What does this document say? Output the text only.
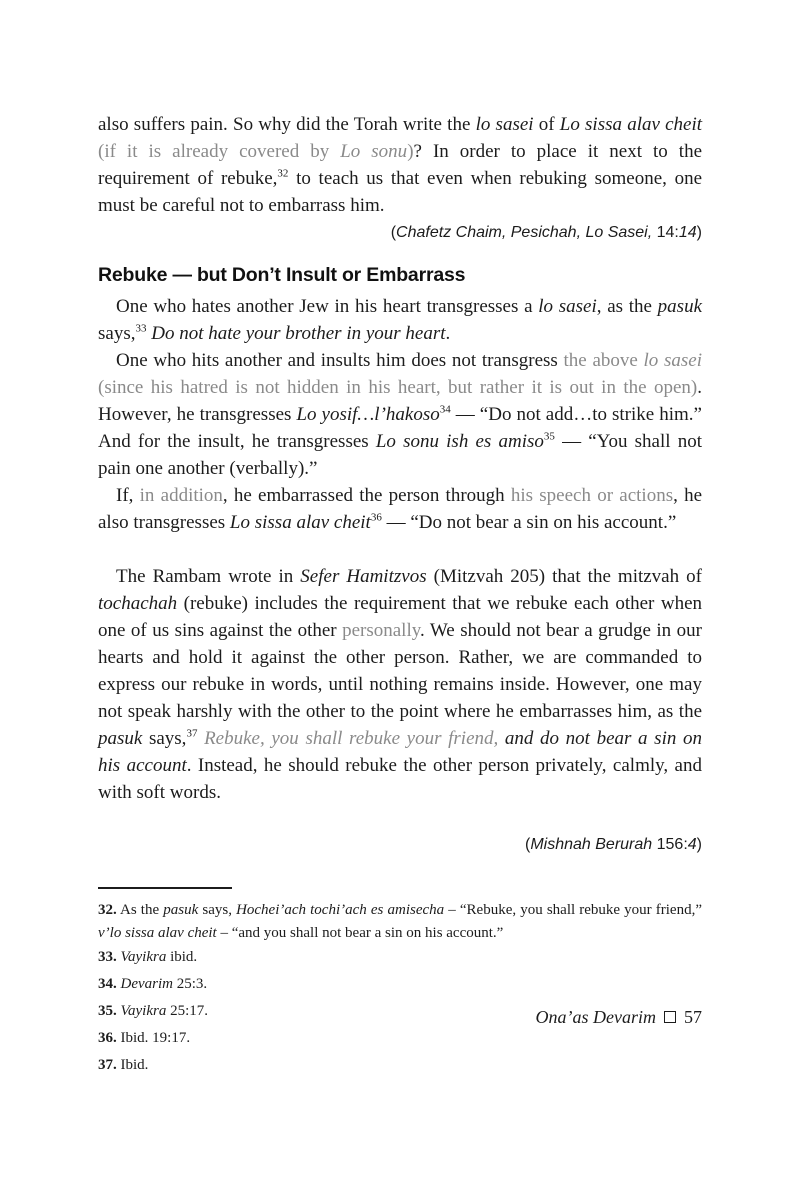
also suffers pain. So why did the Torah write the lo sasei of Lo sissa alav cheit (if it is already covered by Lo sonu)? In order to place it next to the requirement of rebuke,$^{32}$ to teach us that even when rebuking someone, one must be careful not to embarrass him.

(Chafetz Chaim, Pesichah, Lo Sasei, 14:14)
Rebuke — but Don’t Insult or Embarrass

One who hates another Jew in his heart transgresses a lo sasei, as the pasuk says,$^{33}$ Do not hate your brother in your heart.

One who hits another and insults him does not transgress the above lo sasei (since his hatred is not hidden in his heart, but rather it is out in the open). However, he transgresses Lo yosif…l’hakoso$^{34}$ — “Do not add…to strike him.” And for the insult, he transgresses Lo sonu ish es amiso$^{35}$ — “You shall not pain one another (verbally).”

If, in addition, he embarrassed the person through his speech or actions, he also transgresses Lo sissa alav cheit$^{36}$ — “Do not bear a sin on his account.”

The Rambam wrote in Sefer Hamitzvos (Mitzvah 205) that the mitzvah of tochachah (rebuke) includes the requirement that we rebuke each other when one of us sins against the other personally. We should not bear a grudge in our hearts and hold it against the other person. Rather, we are commanded to express our rebuke in words, until nothing remains inside. However, one may not speak harshly with the other to the point where he embarrasses him, as the pasuk says,$^{37}$ Rebuke, you shall rebuke your friend, and do not bear a sin on his account. Instead, he should rebuke the other person privately, calmly, and with soft words.

(Mishnah Berurah 156:4)

32. As the pasuk says, Hochei’ach tochi’ach es amisecha – “Rebuke, you shall rebuke your friend,” v’lo sissa alav cheit – “and you shall not bear a sin on his account.”

33. Vayikra ibid.

34. Devarim 25:3.

35. Vayikra 25:17.

36. Ibid. 19:17.

37. Ibid.

Ona’as Devarim 57
